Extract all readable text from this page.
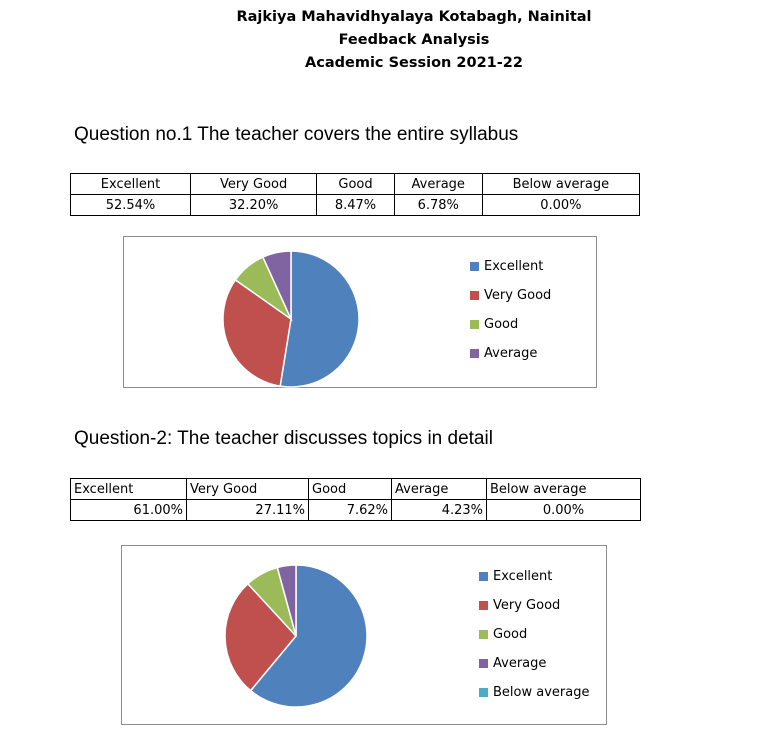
Rajkiya Mahavidhyalaya Kotabagh, Nainital
Feedback Analysis
Academic Session 2021-22
Question no.1 The teacher covers the entire syllabus
Excellent	Very Good	Good	Average	Below average
52.54%	32.20%	8.47%	6.78%	0.00%
Excellent
Very Good
Good
Average
Question-2: The teacher discusses topics in detail
Excellent	Very Good	Good	Average	Below average
61.00%	27.11%	7.62%	4.23%	0.00%
Excellent
Very Good
Good
Average
Below average
